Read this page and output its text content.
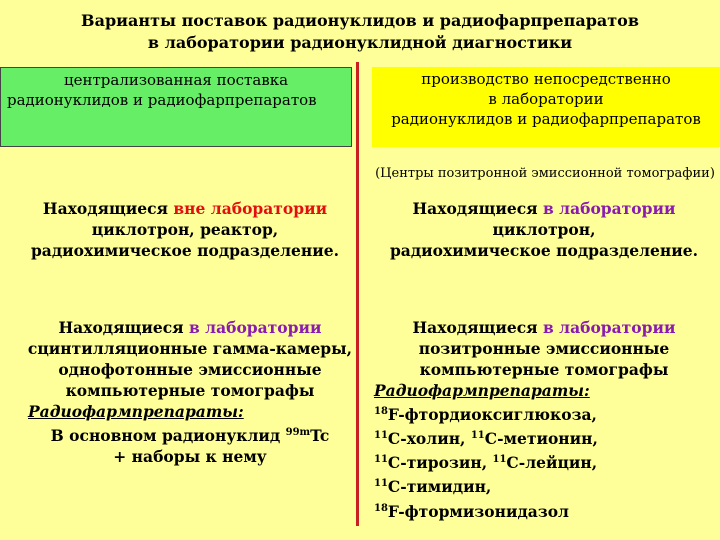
Варианты поставок радионуклидов и радиофарпрепаратов
в лаборатории радионуклидной диагностики
централизованная поставка
радионуклидов и радиофарпрепаратов
производство непосредственно
в лаборатории
радионуклидов и радиофарпрепаратов
(Центры позитронной эмиссионной томографии)
Находящиеся вне лаборатории
циклотрон, реактор,
радиохимическое подразделение.
Находящиеся в лаборатории
циклотрон,
радиохимическое подразделение.
Находящиеся в лаборатории
сцинтилляционные гамма-камеры,
однофотонные эмиссионные
компьютерные томографы
Радиофармпрепараты:
В основном радионуклид $^{99m}$Tc
+ наборы к нему
Находящиеся в лаборатории
позитронные эмиссионные
компьютерные томографы
Радиофармпрепараты:
$^{18}$F-фтордиоксиглюкоза,
$^{11}$C-холин, $^{11}$C-метионин,
$^{11}$C-тирозин, $^{11}$C-лейцин,
$^{11}$C-тимидин,
$^{18}$F-фтормизонидазол
